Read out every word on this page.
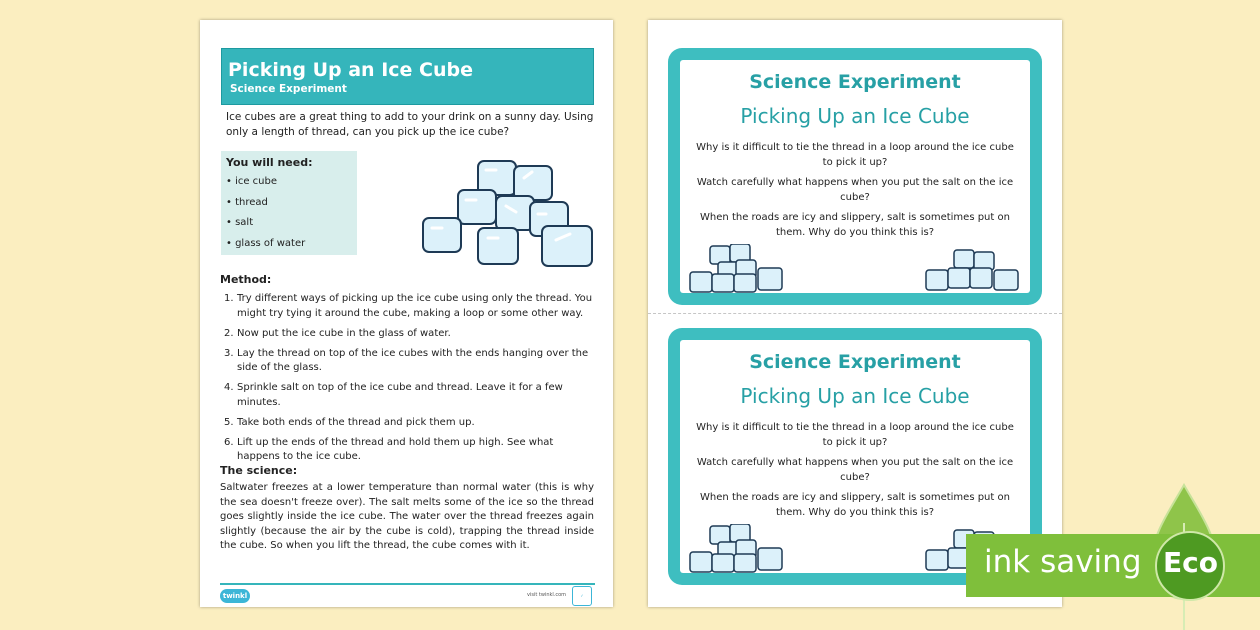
Picking Up an Ice Cube
Science Experiment
Ice cubes are a great thing to add to your drink on a sunny day. Using only a length of thread, can you pick up the ice cube?
You will need:
• ice cube
• thread
• salt
• glass of water
Method:
1. Try different ways of picking up the ice cube using only the thread. You might try tying it around the cube, making a loop or some other way.
2. Now put the ice cube in the glass of water.
3. Lay the thread on top of the ice cubes with the ends hanging over the side of the glass.
4. Sprinkle salt on top of the ice cube and thread. Leave it for a few minutes.
5. Take both ends of the thread and pick them up.
6. Lift up the ends of the thread and hold them up high. See what happens to the ice cube.
The science:
Saltwater freezes at a lower temperature than normal water (this is why the sea doesn't freeze over). The salt melts some of the ice so the thread goes slightly inside the ice cube. The water over the thread freezes again slightly (because the air by the cube is cold), trapping the thread inside the cube. So when you lift the thread, the cube comes with it.
twinkl	visit twinkl.com	✓
Science Experiment
Picking Up an Ice Cube
Why is it difficult to tie the thread in a loop around the ice cube to pick it up?
Watch carefully what happens when you put the salt on the ice cube?
When the roads are icy and slippery, salt is sometimes put on them. Why do you think this is?
Science Experiment
Picking Up an Ice Cube
Why is it difficult to tie the thread in a loop around the ice cube to pick it up?
Watch carefully what happens when you put the salt on the ice cube?
When the roads are icy and slippery, salt is sometimes put on them. Why do you think this is?
ink saving Eco
